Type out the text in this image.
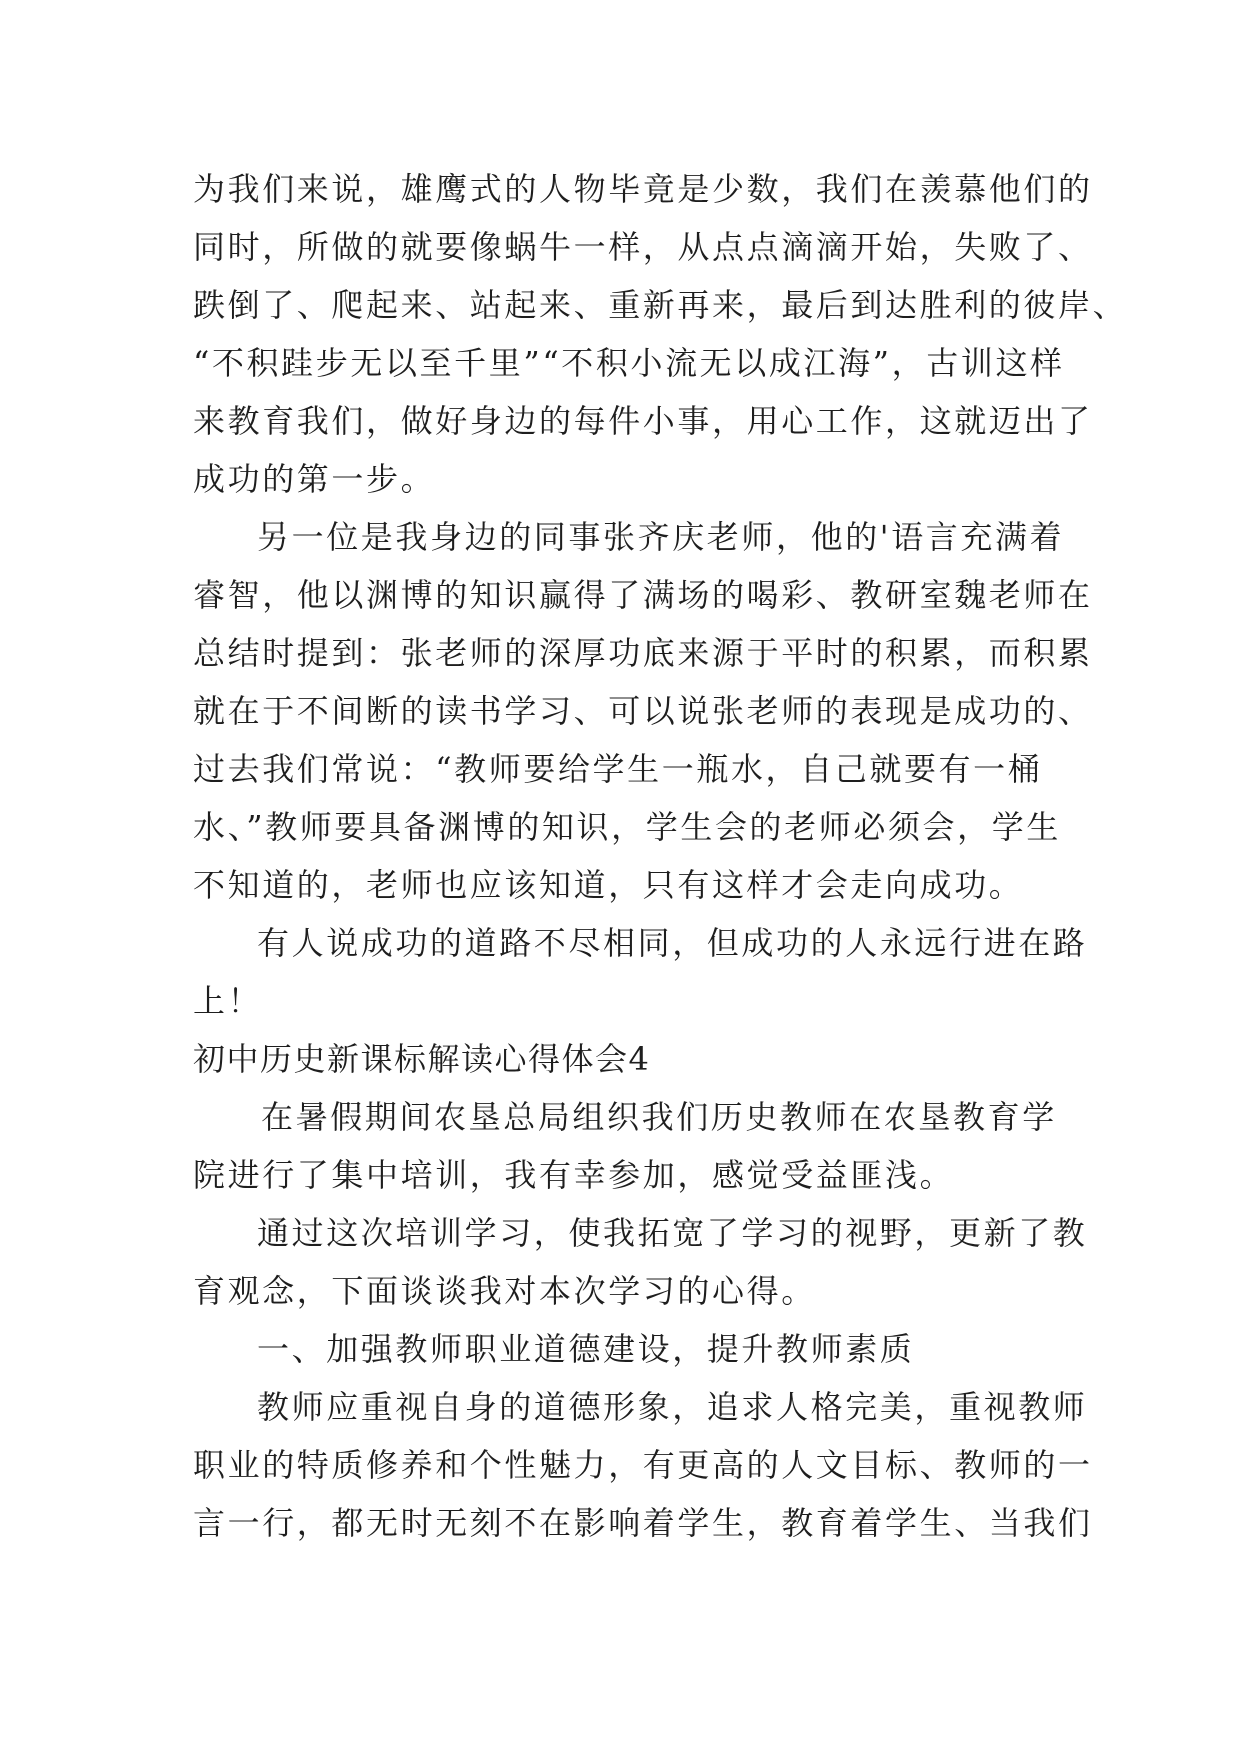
为我们来说，雄鹰式的人物毕竟是少数，我们在羡慕他们的
同时，所做的就要像蜗牛一样，从点点滴滴开始，失败了、
跌倒了、爬起来、站起来、重新再来，最后到达胜利的彼岸、
“不积跬步无以至千里”“不积小流无以成江海”，古训这样
来教育我们，做好身边的每件小事，用心工作，这就迈出了
成功的第一步。
另一位是我身边的同事张齐庆老师，他的'语言充满着
睿智，他以渊博的知识赢得了满场的喝彩、教研室魏老师在
总结时提到：张老师的深厚功底来源于平时的积累，而积累
就在于不间断的读书学习、可以说张老师的表现是成功的、
过去我们常说：“教师要给学生一瓶水，自己就要有一桶
水、”教师要具备渊博的知识，学生会的老师必须会，学生
不知道的，老师也应该知道，只有这样才会走向成功。
有人说成功的道路不尽相同，但成功的人永远行进在路
上！
初中历史新课标解读心得体会4
在暑假期间农垦总局组织我们历史教师在农垦教育学
院进行了集中培训，我有幸参加，感觉受益匪浅。
通过这次培训学习，使我拓宽了学习的视野，更新了教
育观念，下面谈谈我对本次学习的心得。
一、加强教师职业道德建设，提升教师素质
教师应重视自身的道德形象，追求人格完美，重视教师
职业的特质修养和个性魅力，有更高的人文目标、教师的一
言一行，都无时无刻不在影响着学生，教育着学生、当我们
